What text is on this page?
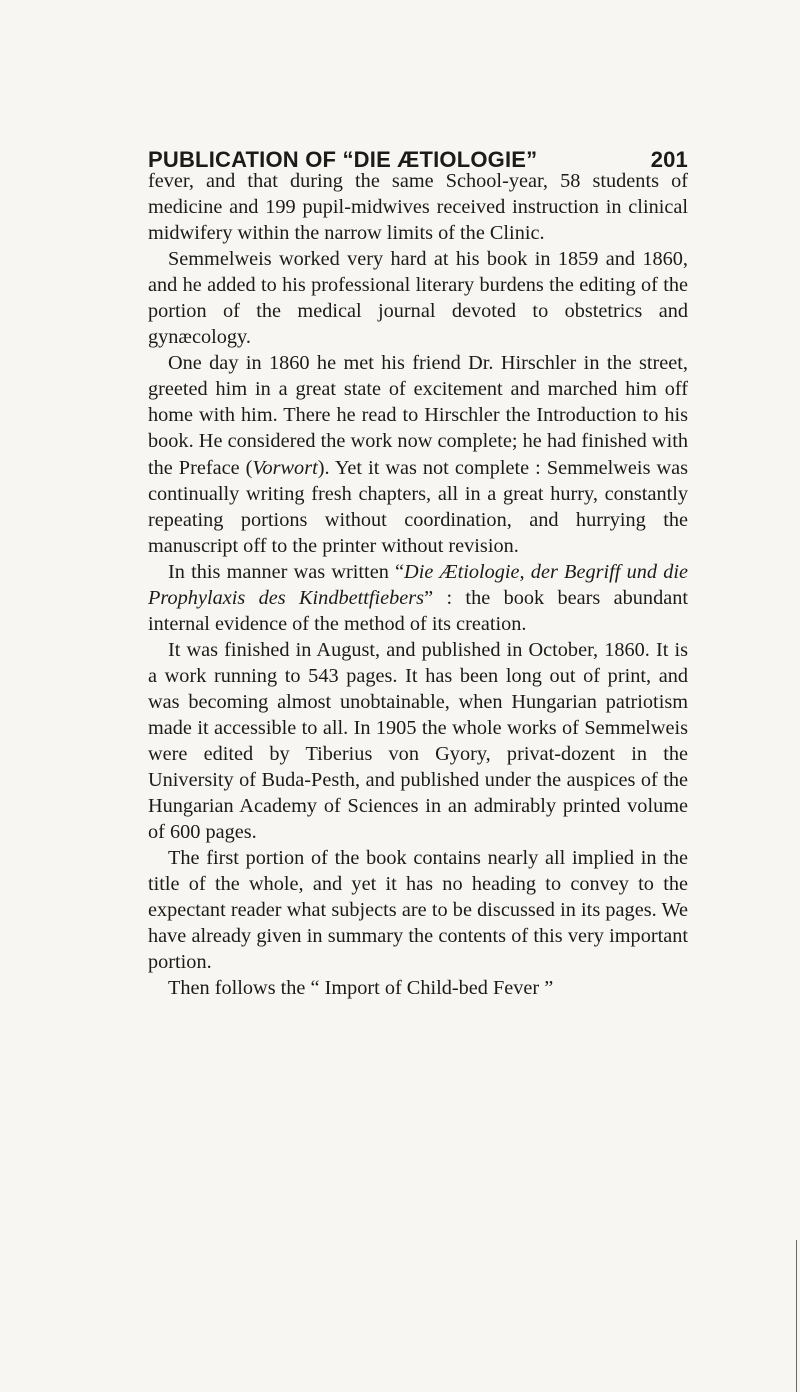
PUBLICATION OF “DIE ÆTIOLOGIE”	201

fever, and that during the same School-year, 58 students of medicine and 199 pupil-midwives received instruction in clinical midwifery within the narrow limits of the Clinic.

Semmelweis worked very hard at his book in 1859 and 1860, and he added to his professional literary burdens the editing of the portion of the medical journal devoted to obstetrics and gynæcology.

One day in 1860 he met his friend Dr. Hirschler in the street, greeted him in a great state of excitement and marched him off home with him. There he read to Hirschler the Introduction to his book. He considered the work now complete; he had finished with the Preface (Vorwort). Yet it was not complete : Semmelweis was continually writing fresh chapters, all in a great hurry, constantly repeating portions without coordination, and hurrying the manuscript off to the printer without revision.

In this manner was written “Die Ætiologie, der Begriff und die Prophylaxis des Kindbettfiebers” : the book bears abundant internal evidence of the method of its creation.

It was finished in August, and published in October, 1860. It is a work running to 543 pages. It has been long out of print, and was becoming almost unobtainable, when Hungarian patriotism made it accessible to all. In 1905 the whole works of Semmelweis were edited by Tiberius von Gyory, privat-dozent in the University of Buda-Pesth, and published under the auspices of the Hungarian Academy of Sciences in an admirably printed volume of 600 pages.

The first portion of the book contains nearly all implied in the title of the whole, and yet it has no heading to convey to the expectant reader what subjects are to be discussed in its pages. We have already given in summary the contents of this very important portion.

Then follows the “ Import of Child-bed Fever ”
